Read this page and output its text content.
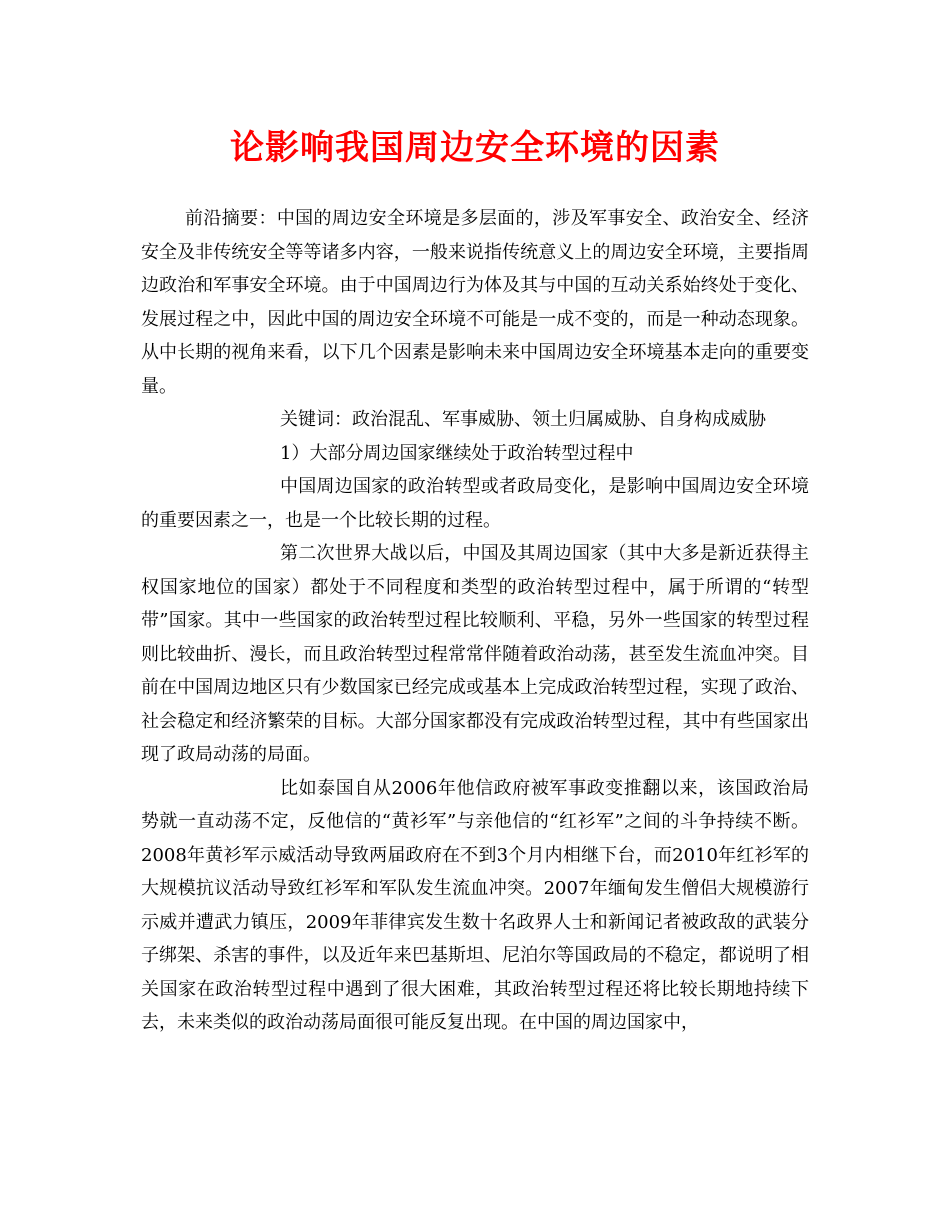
论影响我国周边安全环境的因素

前沿摘要：中国的周边安全环境是多层面的，涉及军事安全、政治安全、经济安全及非传统安全等等诸多内容，一般来说指传统意义上的周边安全环境，主要指周边政治和军事安全环境。由于中国周边行为体及其与中国的互动关系始终处于变化、发展过程之中，因此中国的周边安全环境不可能是一成不变的，而是一种动态现象。从中长期的视角来看，以下几个因素是影响未来中国周边安全环境基本走向的重要变量。

关键词：政治混乱、军事威胁、领土归属威胁、自身构成威胁

1）大部分周边国家继续处于政治转型过程中

中国周边国家的政治转型或者政局变化，是影响中国周边安全环境的重要因素之一，也是一个比较长期的过程。

第二次世界大战以后，中国及其周边国家（其中大多是新近获得主权国家地位的国家）都处于不同程度和类型的政治转型过程中，属于所谓的“转型带”国家。其中一些国家的政治转型过程比较顺利、平稳，另外一些国家的转型过程则比较曲折、漫长，而且政治转型过程常常伴随着政治动荡，甚至发生流血冲突。目前在中国周边地区只有少数国家已经完成或基本上完成政治转型过程，实现了政治、社会稳定和经济繁荣的目标。大部分国家都没有完成政治转型过程，其中有些国家出现了政局动荡的局面。

比如泰国自从2006年他信政府被军事政变推翻以来，该国政治局势就一直动荡不定，反他信的“黄衫军”与亲他信的“红衫军”之间的斗争持续不断。2008年黄衫军示威活动导致两届政府在不到3个月内相继下台，而2010年红衫军的大规模抗议活动导致红衫军和军队发生流血冲突。2007年缅甸发生僧侣大规模游行示威并遭武力镇压，2009年菲律宾发生数十名政界人士和新闻记者被政敌的武装分子绑架、杀害的事件，以及近年来巴基斯坦、尼泊尔等国政局的不稳定，都说明了相关国家在政治转型过程中遇到了很大困难，其政治转型过程还将比较长期地持续下去，未来类似的政治动荡局面很可能反复出现。在中国的周边国家中，
